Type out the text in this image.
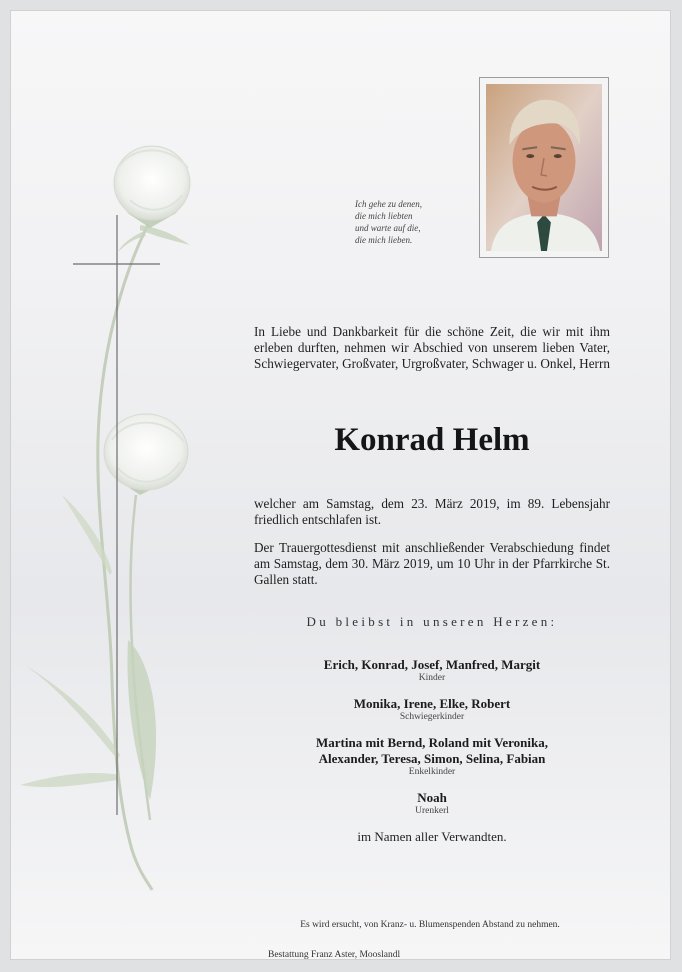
Ich gehe zu denen,
die mich liebten
und warte auf die,
die mich lieben.

In Liebe und Dankbarkeit für die schöne Zeit, die wir mit ihm erleben durften, nehmen wir Abschied von unserem lieben Vater, Schwiegervater, Großvater, Urgroßvater, Schwager u. Onkel, Herrn

Konrad Helm

welcher am Samstag, dem 23. März 2019, im 89. Lebensjahr friedlich entschlafen ist.

Der Trauergottesdienst mit anschließender Verabschiedung findet am Samstag, dem 30. März 2019, um 10 Uhr in der Pfarrkirche St. Gallen statt.

Du bleibst in unseren Herzen:
Erich, Konrad, Josef, Manfred, Margit
Kinder
Monika, Irene, Elke, Robert
Schwiegerkinder
Martina mit Bernd, Roland mit Veronika,
Alexander, Teresa, Simon, Selina, Fabian
Enkelkinder
Noah
Urenkerl
im Namen aller Verwandten.
Es wird ersucht, von Kranz- u. Blumenspenden Abstand zu nehmen.
Bestattung Franz Aster, Mooslandl
